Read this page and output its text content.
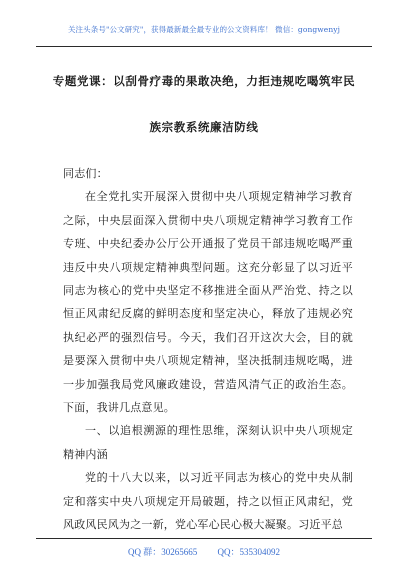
关注头条号"公文研究"，获得最新最全最专业的公文资料库！ 微信：gongwenyj
专题党课：以刮骨疗毒的果敢决绝，力拒违规吃喝筑牢民
族宗教系统廉洁防线

同志们：

在全党扎实开展深入贯彻中央八项规定精神学习教育之际，中央层面深入贯彻中央八项规定精神学习教育工作专班、中央纪委办公厅公开通报了党员干部违规吃喝严重违反中央八项规定精神典型问题。这充分彰显了以习近平同志为核心的党中央坚定不移推进全面从严治党、持之以恒正风肃纪反腐的鲜明态度和坚定决心，释放了违规必究执纪必严的强烈信号。今天，我们召开这次大会，目的就是要深入贯彻中央八项规定精神，坚决抵制违规吃喝，进一步加强我局党风廉政建设，营造风清气正的政治生态。下面，我讲几点意见。

一、以追根溯源的理性思维，深刻认识中央八项规定精神内涵

党的十八大以来，以习近平同志为核心的党中央从制定和落实中央八项规定开局破题，持之以恒正风肃纪，党风政风民风为之一新，党心军心民心极大凝聚。习近平总

QQ 群：30265665 QQ：535304092
